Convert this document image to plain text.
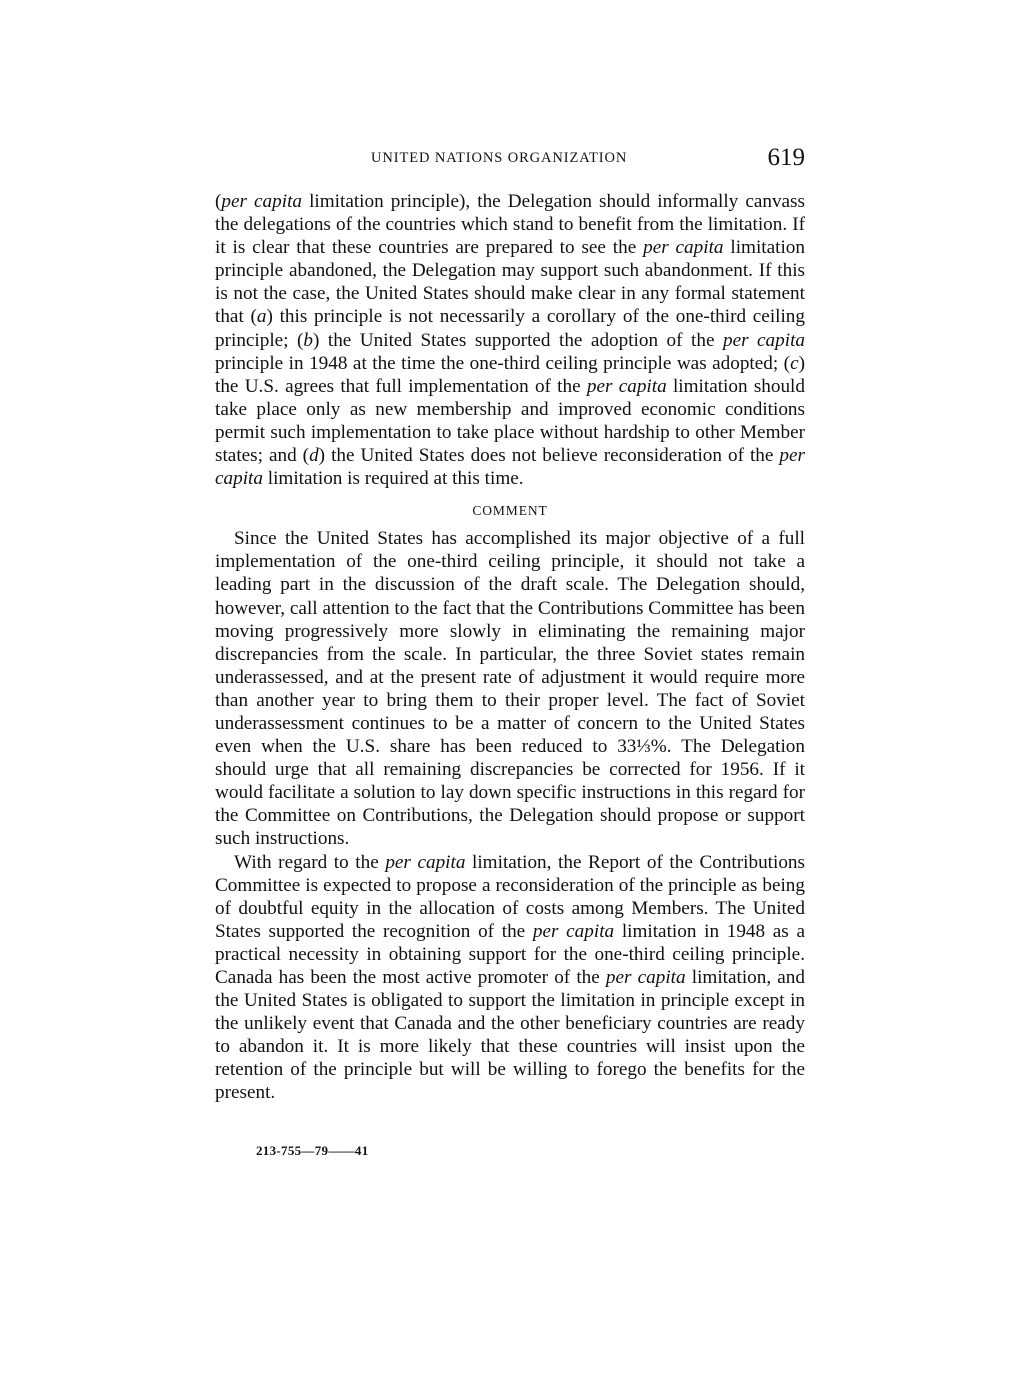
UNITED NATIONS ORGANIZATION	619

(per capita limitation principle), the Delegation should informally canvass the delegations of the countries which stand to benefit from the limitation. If it is clear that these countries are prepared to see the per capita limitation principle abandoned, the Delegation may support such abandonment. If this is not the case, the United States should make clear in any formal statement that (a) this principle is not necessarily a corollary of the one-third ceiling principle; (b) the United States supported the adoption of the per capita principle in 1948 at the time the one-third ceiling principle was adopted; (c) the U.S. agrees that full implementation of the per capita limitation should take place only as new membership and improved economic conditions permit such implementation to take place without hardship to other Member states; and (d) the United States does not believe reconsideration of the per capita limitation is required at this time.

COMMENT

Since the United States has accomplished its major objective of a full implementation of the one-third ceiling principle, it should not take a leading part in the discussion of the draft scale. The Delegation should, however, call attention to the fact that the Contributions Committee has been moving progressively more slowly in eliminating the remaining major discrepancies from the scale. In particular, the three Soviet states remain underassessed, and at the present rate of adjustment it would require more than another year to bring them to their proper level. The fact of Soviet underassessment continues to be a matter of concern to the United States even when the U.S. share has been reduced to 33⅓%. The Delegation should urge that all remaining discrepancies be corrected for 1956. If it would facilitate a solution to lay down specific instructions in this regard for the Committee on Contributions, the Delegation should propose or support such instructions.

With regard to the per capita limitation, the Report of the Contributions Committee is expected to propose a reconsideration of the principle as being of doubtful equity in the allocation of costs among Members. The United States supported the recognition of the per capita limitation in 1948 as a practical necessity in obtaining support for the one-third ceiling principle. Canada has been the most active promoter of the per capita limitation, and the United States is obligated to support the limitation in principle except in the unlikely event that Canada and the other beneficiary countries are ready to abandon it. It is more likely that these countries will insist upon the retention of the principle but will be willing to forego the benefits for the present.

213-755—79——41
